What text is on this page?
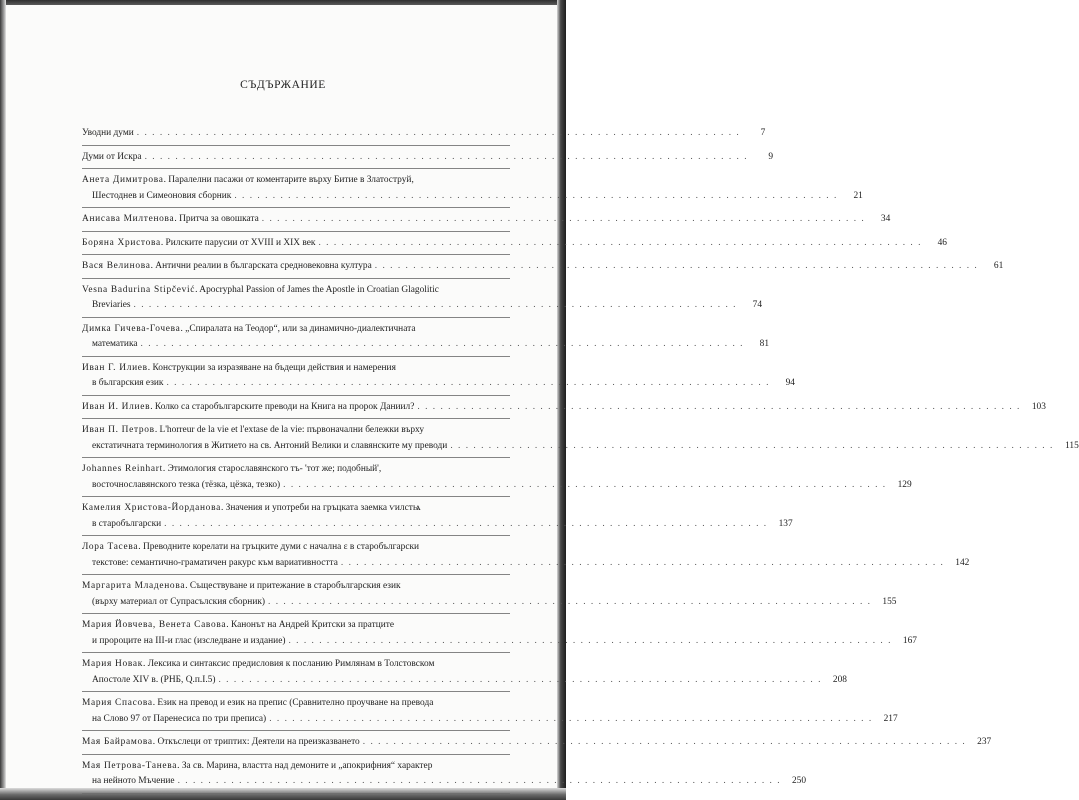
СЪДЪРЖАНИЕ
Уводни думи . . . . . . . . . . . . . . . . . . . . . . . . . . . . . . . . . . . . . . . . . . . . . . . . . . . . . . . . . . . . . . . . . . . . . . . . . . . . . . .	7
Думи от Искра . . . . . . . . . . . . . . . . . . . . . . . . . . . . . . . . . . . . . . . . . . . . . . . . . . . . . . . . . . . . . . . . . . . . . . . . . . . . . . .	9
Анета Димитрова. Паралелни пасажи от коментарите върху Битие в Златоструй,
Шестоднев и Симеоновия сборник . . . . . . . . . . . . . . . . . . . . . . . . . . . . . . . . . . . . . . . . . . . . . . . . . . . . . . . . . . . . . . . . . . . . . . . . . . . . . . .	21
Анисава Милтенова. Притча за овошката . . . . . . . . . . . . . . . . . . . . . . . . . . . . . . . . . . . . . . . . . . . . . . . . . . . . . . . . . . . . . . . . . . . . . . . . . . . . . . .	34
Боряна Христова. Рилските парусии от XVIII и XIX век . . . . . . . . . . . . . . . . . . . . . . . . . . . . . . . . . . . . . . . . . . . . . . . . . . . . . . . . . . . . . . . . . . . . . . . . . . . . . . .	46
Вася Велинова. Антични реалии в българската средновековна култура . . . . . . . . . . . . . . . . . . . . . . . . . . . . . . . . . . . . . . . . . . . . . . . . . . . . . . . . . . . . . . . . . . . . . . . . . . . . . . .	61
Vesna Badurina Stipčević. Apocryphal Passion of James the Apostle in Croatian Glagolitic
Breviaries . . . . . . . . . . . . . . . . . . . . . . . . . . . . . . . . . . . . . . . . . . . . . . . . . . . . . . . . . . . . . . . . . . . . . . . . . . . . . . .	74
Димка Гичева-Гочева. „Спиралата на Теодор“, или за динамично-диалектичната
математика . . . . . . . . . . . . . . . . . . . . . . . . . . . . . . . . . . . . . . . . . . . . . . . . . . . . . . . . . . . . . . . . . . . . . . . . . . . . . . .	81
Иван Г. Илиев. Конструкции за изразяване на бъдещи действия и намерения
в българския език . . . . . . . . . . . . . . . . . . . . . . . . . . . . . . . . . . . . . . . . . . . . . . . . . . . . . . . . . . . . . . . . . . . . . . . . . . . . . . .	94
Иван И. Илиев. Колко са старобългарските преводи на Книга на пророк Даниил? . . . . . . . . . . . . . . . . . . . . . . . . . . . . . . . . . . . . . . . . . . . . . . . . . . . . . . . . . . . . . . . . . . . . . . . . . . . . . . .	103
Иван П. Петров. L'horreur de la vie et l'extase de la vie: първоначални бележки върху
екстатичната терминология в Житието на св. Антоний Велики и славянските му преводи . . . . . . . . . . . . . . . . . . . . . . . . . . . . . . . . . . . . . . . . . . . . . . . . . . . . . . . . . . . . . . . . . . . . . . . . . . . . . . .	115
Johannes Reinhart. Этимология старославянского тъ- 'тот же; подобный',
восточнославянского тезка (тёзка, цёзка, тезко) . . . . . . . . . . . . . . . . . . . . . . . . . . . . . . . . . . . . . . . . . . . . . . . . . . . . . . . . . . . . . . . . . . . . . . . . . . . . . . .	129
Камелия Христова-Йорданова. Значения и употреби на гръцката заемка ѵилстѩ
в старобългарски . . . . . . . . . . . . . . . . . . . . . . . . . . . . . . . . . . . . . . . . . . . . . . . . . . . . . . . . . . . . . . . . . . . . . . . . . . . . . . .	137
Лора Тасева. Преводните корелати на гръцките думи с начална ε в старобългарски
текстове: семантично-граматичен ракурс към вариативността . . . . . . . . . . . . . . . . . . . . . . . . . . . . . . . . . . . . . . . . . . . . . . . . . . . . . . . . . . . . . . . . . . . . . . . . . . . . . . .	142
Маргарита Младенова. Съществуване и притежание в старобългарския език
(върху материал от Супрасълския сборник) . . . . . . . . . . . . . . . . . . . . . . . . . . . . . . . . . . . . . . . . . . . . . . . . . . . . . . . . . . . . . . . . . . . . . . . . . . . . . . .	155
Мария Йовчева, Венета Савова. Канонът на Андрей Критски за пратците
и пророците на III-и глас (изследване и издание) . . . . . . . . . . . . . . . . . . . . . . . . . . . . . . . . . . . . . . . . . . . . . . . . . . . . . . . . . . . . . . . . . . . . . . . . . . . . . . .	167
Мария Новак. Лексика и синтаксис предисловия к посланию Римлянам в Толстовском
Апостоле XIV в. (РНБ, Q.п.I.5) . . . . . . . . . . . . . . . . . . . . . . . . . . . . . . . . . . . . . . . . . . . . . . . . . . . . . . . . . . . . . . . . . . . . . . . . . . . . . . .	208
Мария Спасова. Език на превод и език на препис (Сравнително проучване на превода
на Слово 97 от Паренесиса по три преписа) . . . . . . . . . . . . . . . . . . . . . . . . . . . . . . . . . . . . . . . . . . . . . . . . . . . . . . . . . . . . . . . . . . . . . . . . . . . . . . .	217
Мая Байрамова. Откъслеци от триптих: Деятели на преизказването . . . . . . . . . . . . . . . . . . . . . . . . . . . . . . . . . . . . . . . . . . . . . . . . . . . . . . . . . . . . . . . . . . . . . . . . . . . . . . .	237
Мая Петрова-Танева. За св. Марина, властта над демоните и „апокрифния“ характер
на нейното Мъчение . . . . . . . . . . . . . . . . . . . . . . . . . . . . . . . . . . . . . . . . . . . . . . . . . . . . . . . . . . . . . . . . . . . . . . . . . . . . . . .	250
